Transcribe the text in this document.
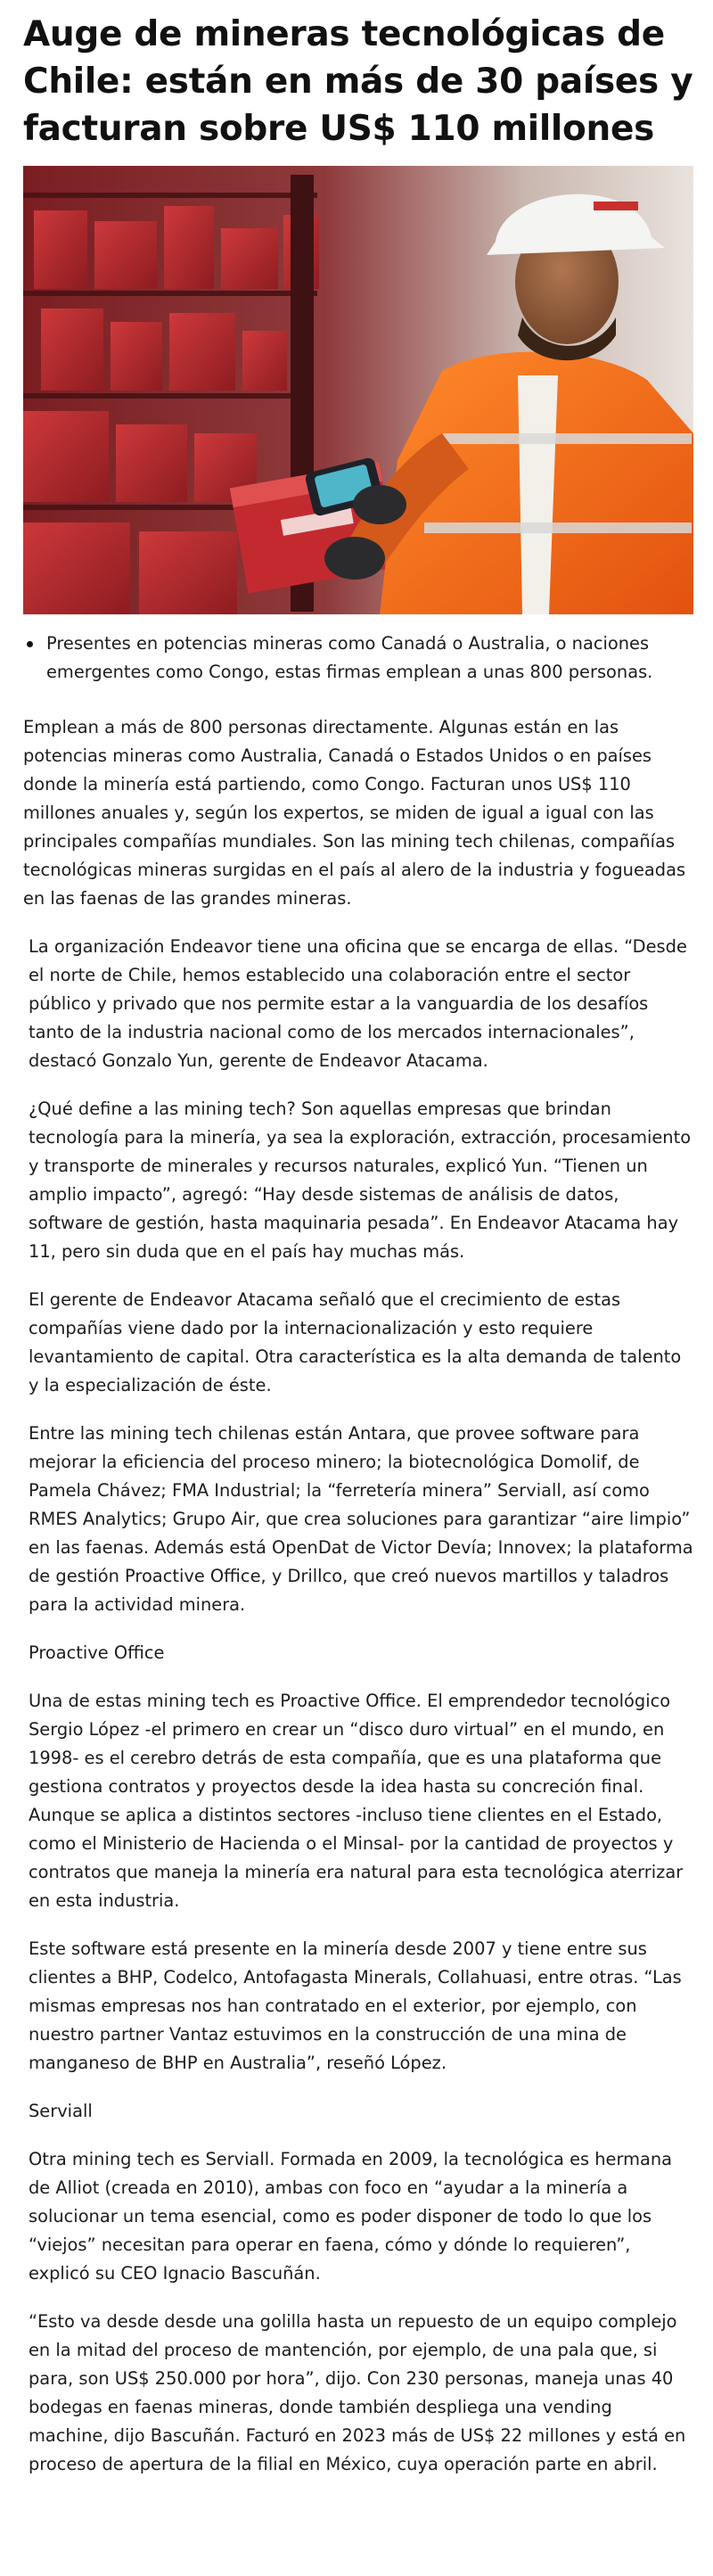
Auge de mineras tecnológicas de Chile: están en más de 30 países y facturan sobre US$ 110 millones
Presentes en potencias mineras como Canadá o Australia, o naciones emergentes como Congo, estas firmas emplean a unas 800 personas.

Emplean a más de 800 personas directamente. Algunas están en las potencias mineras como Australia, Canadá o Estados Unidos o en países donde la minería está partiendo, como Congo. Facturan unos US$ 110 millones anuales y, según los expertos, se miden de igual a igual con las principales compañías mundiales. Son las mining tech chilenas, compañías tecnológicas mineras surgidas en el país al alero de la industria y fogueadas en las faenas de las grandes mineras.

La organización Endeavor tiene una oficina que se encarga de ellas. “Desde el norte de Chile, hemos establecido una colaboración entre el sector público y privado que nos permite estar a la vanguardia de los desafíos tanto de la industria nacional como de los mercados internacionales”, destacó Gonzalo Yun, gerente de Endeavor Atacama.

¿Qué define a las mining tech? Son aquellas empresas que brindan tecnología para la minería, ya sea la exploración, extracción, procesamiento y transporte de minerales y recursos naturales, explicó Yun. “Tienen un amplio impacto”, agregó: “Hay desde sistemas de análisis de datos, software de gestión, hasta maquinaria pesada”. En Endeavor Atacama hay 11, pero sin duda que en el país hay muchas más.

El gerente de Endeavor Atacama señaló que el crecimiento de estas compañías viene dado por la internacionalización y esto requiere levantamiento de capital. Otra característica es la alta demanda de talento y la especialización de éste.

Entre las mining tech chilenas están Antara, que provee software para mejorar la eficiencia del proceso minero; la biotecnológica Domolif, de Pamela Chávez; FMA Industrial; la “ferretería minera” Serviall, así como RMES Analytics; Grupo Air, que crea soluciones para garantizar “aire limpio” en las faenas. Además está OpenDat de Victor Devía; Innovex; la plataforma de gestión Proactive Office, y Drillco, que creó nuevos martillos y taladros para la actividad minera.

Proactive Office

Una de estas mining tech es Proactive Office. El emprendedor tecnológico Sergio López -el primero en crear un “disco duro virtual” en el mundo, en 1998- es el cerebro detrás de esta compañía, que es una plataforma que gestiona contratos y proyectos desde la idea hasta su concreción final. Aunque se aplica a distintos sectores -incluso tiene clientes en el Estado, como el Ministerio de Hacienda o el Minsal- por la cantidad de proyectos y contratos que maneja la minería era natural para esta tecnológica aterrizar en esta industria.

Este software está presente en la minería desde 2007 y tiene entre sus clientes a BHP, Codelco, Antofagasta Minerals, Collahuasi, entre otras. “Las mismas empresas nos han contratado en el exterior, por ejemplo, con nuestro partner Vantaz estuvimos en la construcción de una mina de manganeso de BHP en Australia”, reseñó López.

Serviall

Otra mining tech es Serviall. Formada en 2009, la tecnológica es hermana de Alliot (creada en 2010), ambas con foco en “ayudar a la minería a solucionar un tema esencial, como es poder disponer de todo lo que los “viejos” necesitan para operar en faena, cómo y dónde lo requieren”, explicó su CEO Ignacio Bascuñán.

“Esto va desde desde una golilla hasta un repuesto de un equipo complejo en la mitad del proceso de mantención, por ejemplo, de una pala que, si para, son US$ 250.000 por hora”, dijo. Con 230 personas, maneja unas 40 bodegas en faenas mineras, donde también despliega una vending machine, dijo Bascuñán. Facturó en 2023 más de US$ 22 millones y está en proceso de apertura de la filial en México, cuya operación parte en abril.
